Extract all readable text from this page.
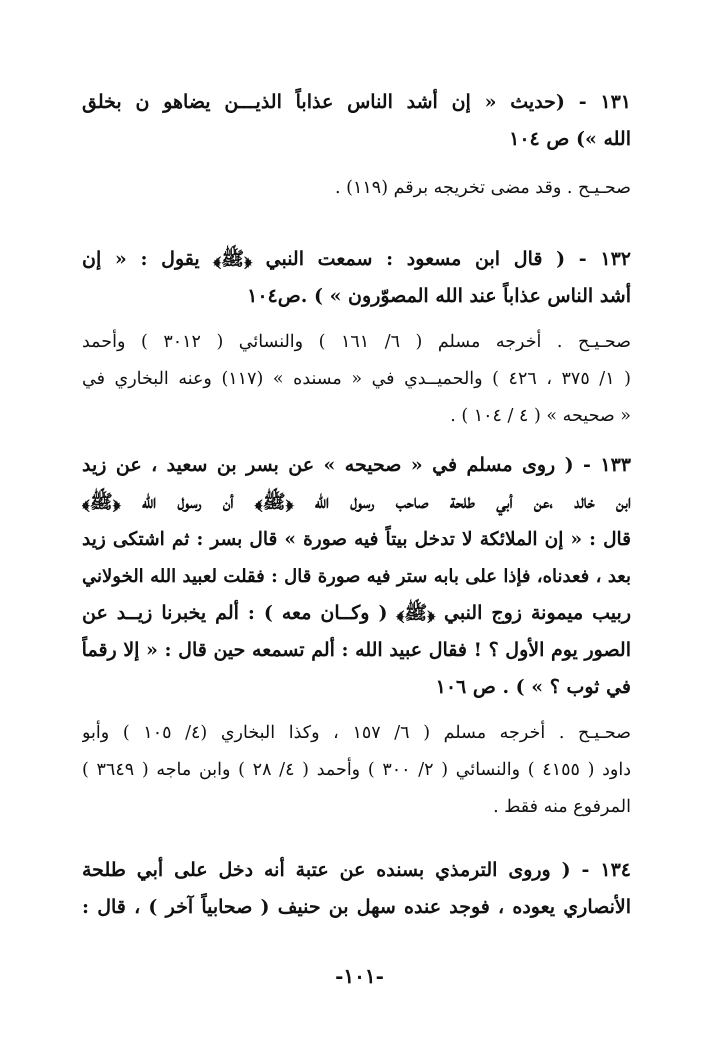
١٣١ - (حديث « إن أشد الناس عذاباً الذيـــن يضاهو ن بخلق
الله ») ص ١٠٤
صحـيـح . وقد مضى تخريجه برقم (١١٩) .
١٣٢ - ( قال ابن مسعود : سمعت النبي ﴿ﷺ﴾ يقول : « إن
أشد الناس عذاباً عند الله المصوّرون » ) .ص١٠٤
صحـيـح . أخرجه مسلم ( ٦/ ١٦١ ) والنسائي ( ٣٠١٢ ) وأحمد
( ١/ ٣٧٥ ، ٤٢٦ ) والحميــدي في « مسنده » (١١٧) وعنه البخاري في
« صحيحه » ( ٤ / ١٠٤ ) .
١٣٣ - ( روى مسلم في « صحيحه » عن بسر بن سعيد ، عن زيد
ابن خالد ،عن أبي طلحة صاحب رسول الله ﴿ﷺ﴾ أن رسول الله ﴿ﷺ﴾
قال : « إن الملائكة لا تدخل بيتاً فيه صورة » قال بسر : ثم اشتكى زيد
بعد ، فعدناه، فإذا على بابه ستر فيه صورة قال : فقلت لعبيد الله الخولاني
ربيب ميمونة زوج النبي ﴿ﷺ﴾ ( وكــان معه ) : ألم يخبرنا زيــد عن
الصور يوم الأول ؟ ! فقال عبيد الله : ألم تسمعه حين قال : « إلا رقماً
في ثوب ؟ » ) . ص ١٠٦
صحـيـح . أخرجه مسلم ( ٦/ ١٥٧ ، وكذا البخاري (٤/ ١٠٥ ) وأبو
داود ( ٤١٥٥ ) والنسائي ( ٢/ ٣٠٠ ) وأحمد ( ٤/ ٢٨ ) وابن ماجه ( ٣٦٤٩ )
المرفوع منه فقط .
١٣٤ - ( وروى الترمذي بسنده عن عتبة أنه دخل على أبي طلحة
الأنصاري يعوده ، فوجد عنده سهل بن حنيف ( صحابياً آخر ) ، قال :
-١٠١-
